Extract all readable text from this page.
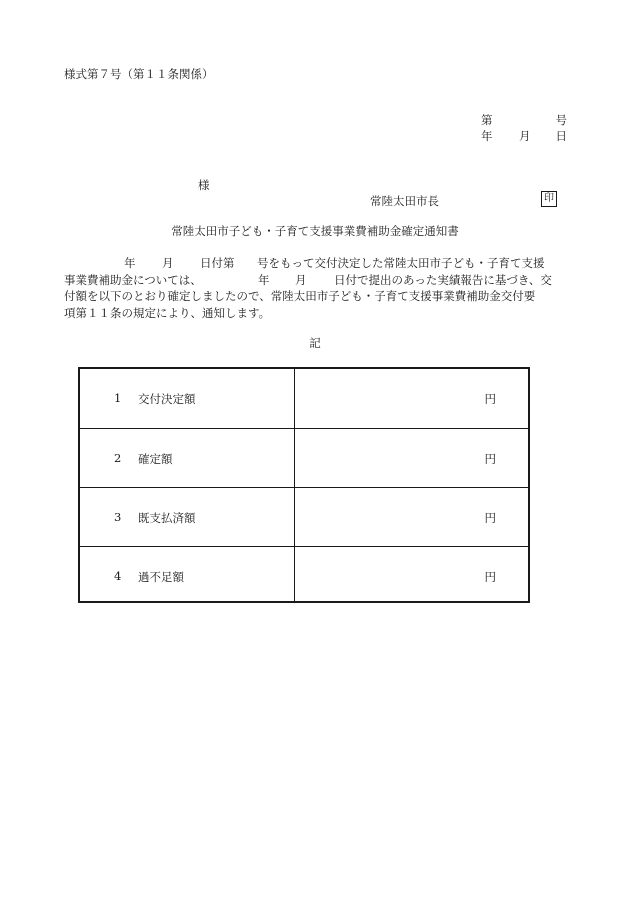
様式第７号（第１１条関係）
第	号
年 月 日
様
常陸太田市長	印
常陸太田市子ども・子育て支援事業費補助金確定通知書
年 月 日付第 号をもって交付決定した常陸太田市子ども・子育て支援
事業費補助金については、	年 月 日付で提出のあった実績報告に基づき、交
付額を以下のとおり確定しましたので、常陸太田市子ども・子育て支援事業費補助金交付要
項第１１条の規定により、通知します。
記
1	交付決定額	円
2	確定額	円
3	既支払済額	円
4	過不足額	円
